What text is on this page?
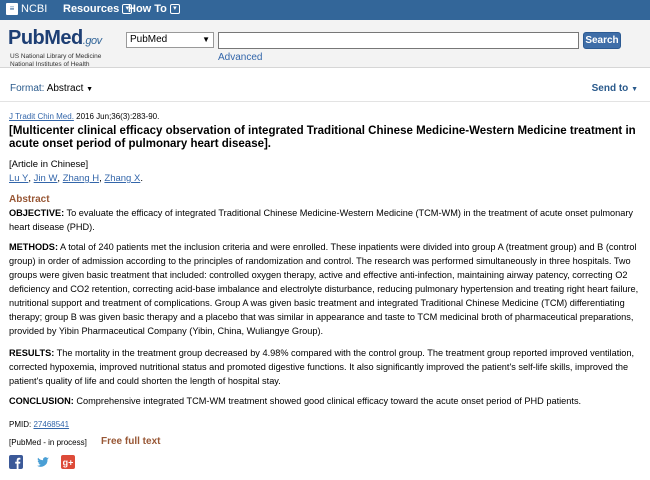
≡ NCBI Resources ▾
How To ▾
PubMed.gov
US National Library of Medicine
National Institutes of Health
PubMed	▼	Search
Advanced
Format: Abstract ▼	Send to ▼
J Tradit Chin Med. 2016 Jun;36(3):283-90.
[Multicenter clinical efficacy observation of integrated Traditional Chinese Medicine-Western Medicine treatment in acute onset period of pulmonary heart disease].
[Article in Chinese]
Lu Y , Jin W , Zhang H , Zhang X .
Abstract
OBJECTIVE: To evaluate the efficacy of integrated Traditional Chinese Medicine-Western Medicine (TCM-WM) in the treatment of acute onset pulmonary heart disease (PHD).
METHODS: A total of 240 patients met the inclusion criteria and were enrolled. These inpatients were divided into group A (treatment group) and B (control group) in order of admission according to the principles of randomization and control. The research was performed simultaneously in three hospitals. Two groups were given basic treatment that included: controlled oxygen therapy, active and effective anti-infection, maintaining airway patency, correcting O2 deficiency and CO2 retention, correcting acid-base imbalance and electrolyte disturbance, reducing pulmonary hypertension and treating right heart failure, nutritional support and treatment of complications. Group A was given basic treatment and integrated Traditional Chinese Medicine (TCM) differentiating therapy; group B was given basic therapy and a placebo that was similar in appearance and taste to TCM medicinal broth of pharmaceutical preparations, provided by Yibin Pharmaceutical Company (Yibin, China, Wuliangye Group).
RESULTS: The mortality in the treatment group decreased by 4.98% compared with the control group. The treatment group reported improved ventilation, corrected hypoxemia, improved nutritional status and promoted digestive functions. It also significantly improved the patient's self-life skills, improved the patient's quality of life and could shorten the length of hospital stay.
CONCLUSION: Comprehensive integrated TCM-WM treatment showed good clinical efficacy toward the acute onset period of PHD patients.
PMID: 27468541
[PubMed - in process] Free full text
g+
